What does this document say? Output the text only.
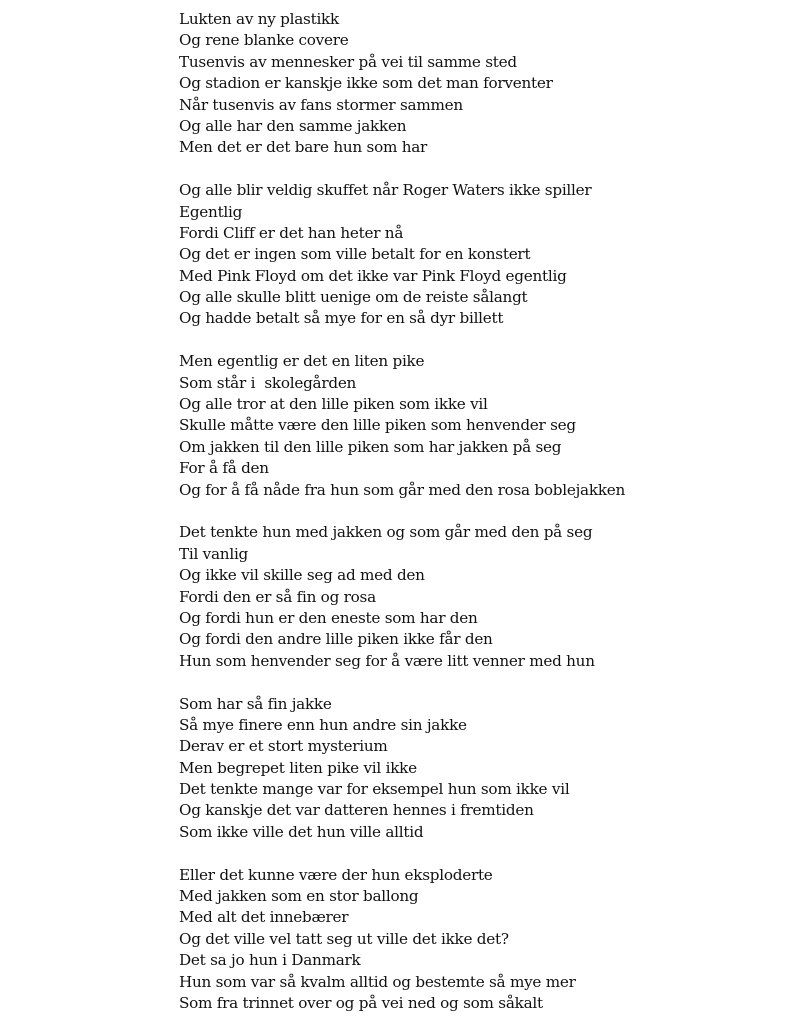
Lukten av ny plastikk
Og rene blanke covere
Tusenvis av mennesker på vei til samme sted
Og stadion er kanskje ikke som det man forventer
Når tusenvis av fans stormer sammen
Og alle har den samme jakken
Men det er det bare hun som har
Og alle blir veldig skuffet når Roger Waters ikke spiller
Egentlig
Fordi Cliff er det han heter nå
Og det er ingen som ville betalt for en konstert
Med Pink Floyd om det ikke var Pink Floyd egentlig
Og alle skulle blitt uenige om de reiste sålangt
Og hadde betalt så mye for en så dyr billett
Men egentlig er det en liten pike
Som står i  skolegården
Og alle tror at den lille piken som ikke vil
Skulle måtte være den lille piken som henvender seg
Om jakken til den lille piken som har jakken på seg
For å få den
Og for å få nåde fra hun som går med den rosa boblejakken
Det tenkte hun med jakken og som går med den på seg
Til vanlig
Og ikke vil skille seg ad med den
Fordi den er så fin og rosa
Og fordi hun er den eneste som har den
Og fordi den andre lille piken ikke får den
Hun som henvender seg for å være litt venner med hun
Som har så fin jakke
Så mye finere enn hun andre sin jakke
Derav er et stort mysterium
Men begrepet liten pike vil ikke
Det tenkte mange var for eksempel hun som ikke vil
Og kanskje det var datteren hennes i fremtiden
Som ikke ville det hun ville alltid
Eller det kunne være der hun eksploderte
Med jakken som en stor ballong
Med alt det innebærer
Og det ville vel tatt seg ut ville det ikke det?
Det sa jo hun i Danmark
Hun som var så kvalm alltid og bestemte så mye mer
Som fra trinnet over og på vei ned og som såkalt
